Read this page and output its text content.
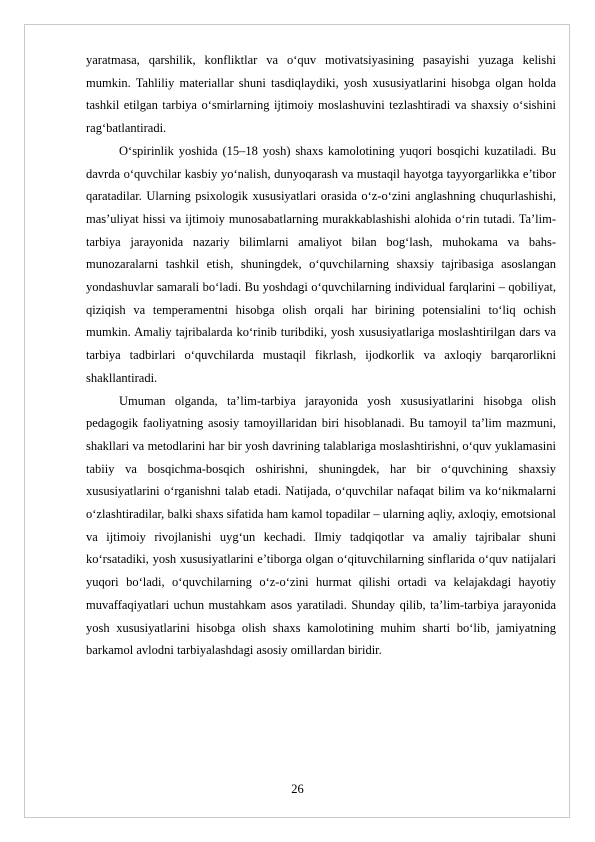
yaratmasa, qarshilik, konfliktlar va o‘quv motivatsiyasining pasayishi yuzaga kelishi mumkin. Tahliliy materiallar shuni tasdiqlaydiki, yosh xususiyatlarini hisobga olgan holda tashkil etilgan tarbiya o‘smirlarning ijtimoiy moslashuvini tezlashtiradi va shaxsiy o‘sishini rag‘batlantiradi.

O‘spirinlik yoshida (15–18 yosh) shaxs kamolotining yuqori bosqichi kuzatiladi. Bu davrda o‘quvchilar kasbiy yo‘nalish, dunyoqarash va mustaqil hayotga tayyorgarlikka e’tibor qaratadilar. Ularning psixologik xususiyatlari orasida o‘z-o‘zini anglashning chuqurlashishi, mas’uliyat hissi va ijtimoiy munosabatlarning murakkablashishi alohida o‘rin tutadi. Ta’lim-tarbiya jarayonida nazariy bilimlarni amaliyot bilan bog‘lash, muhokama va bahs-munozaralarni tashkil etish, shuningdek, o‘quvchilarning shaxsiy tajribasiga asoslangan yondashuvlar samarali bo‘ladi. Bu yoshdagi o‘quvchilarning individual farqlarini – qobiliyat, qiziqish va temperamentni hisobga olish orqali har birining potensialini to‘liq ochish mumkin. Amaliy tajribalarda ko‘rinib turibdiki, yosh xususiyatlariga moslashtirilgan dars va tarbiya tadbirlari o‘quvchilarda mustaqil fikrlash, ijodkorlik va axloqiy barqarorlikni shakllantiradi.

Umuman olganda, ta’lim-tarbiya jarayonida yosh xususiyatlarini hisobga olish pedagogik faoliyatning asosiy tamoyillaridan biri hisoblanadi. Bu tamoyil ta’lim mazmuni, shakllari va metodlarini har bir yosh davrining talablariga moslashtirishni, o‘quv yuklamasini tabiiy va bosqichma-bosqich oshirishni, shuningdek, har bir o‘quvchining shaxsiy xususiyatlarini o‘rganishni talab etadi. Natijada, o‘quvchilar nafaqat bilim va ko‘nikmalarni o‘zlashtiradilar, balki shaxs sifatida ham kamol topadilar – ularning aqliy, axloqiy, emotsional va ijtimoiy rivojlanishi uyg‘un kechadi. Ilmiy tadqiqotlar va amaliy tajribalar shuni ko‘rsatadiki, yosh xususiyatlarini e’tiborga olgan o‘qituvchilarning sinflarida o‘quv natijalari yuqori bo‘ladi, o‘quvchilarning o‘z-o‘zini hurmat qilishi ortadi va kelajakdagi hayotiy muvaffaqiyatlari uchun mustahkam asos yaratiladi. Shunday qilib, ta’lim-tarbiya jarayonida yosh xususiyatlarini hisobga olish shaxs kamolotining muhim sharti bo‘lib, jamiyatning barkamol avlodni tarbiyalashdagi asosiy omillardan biridir.

26
